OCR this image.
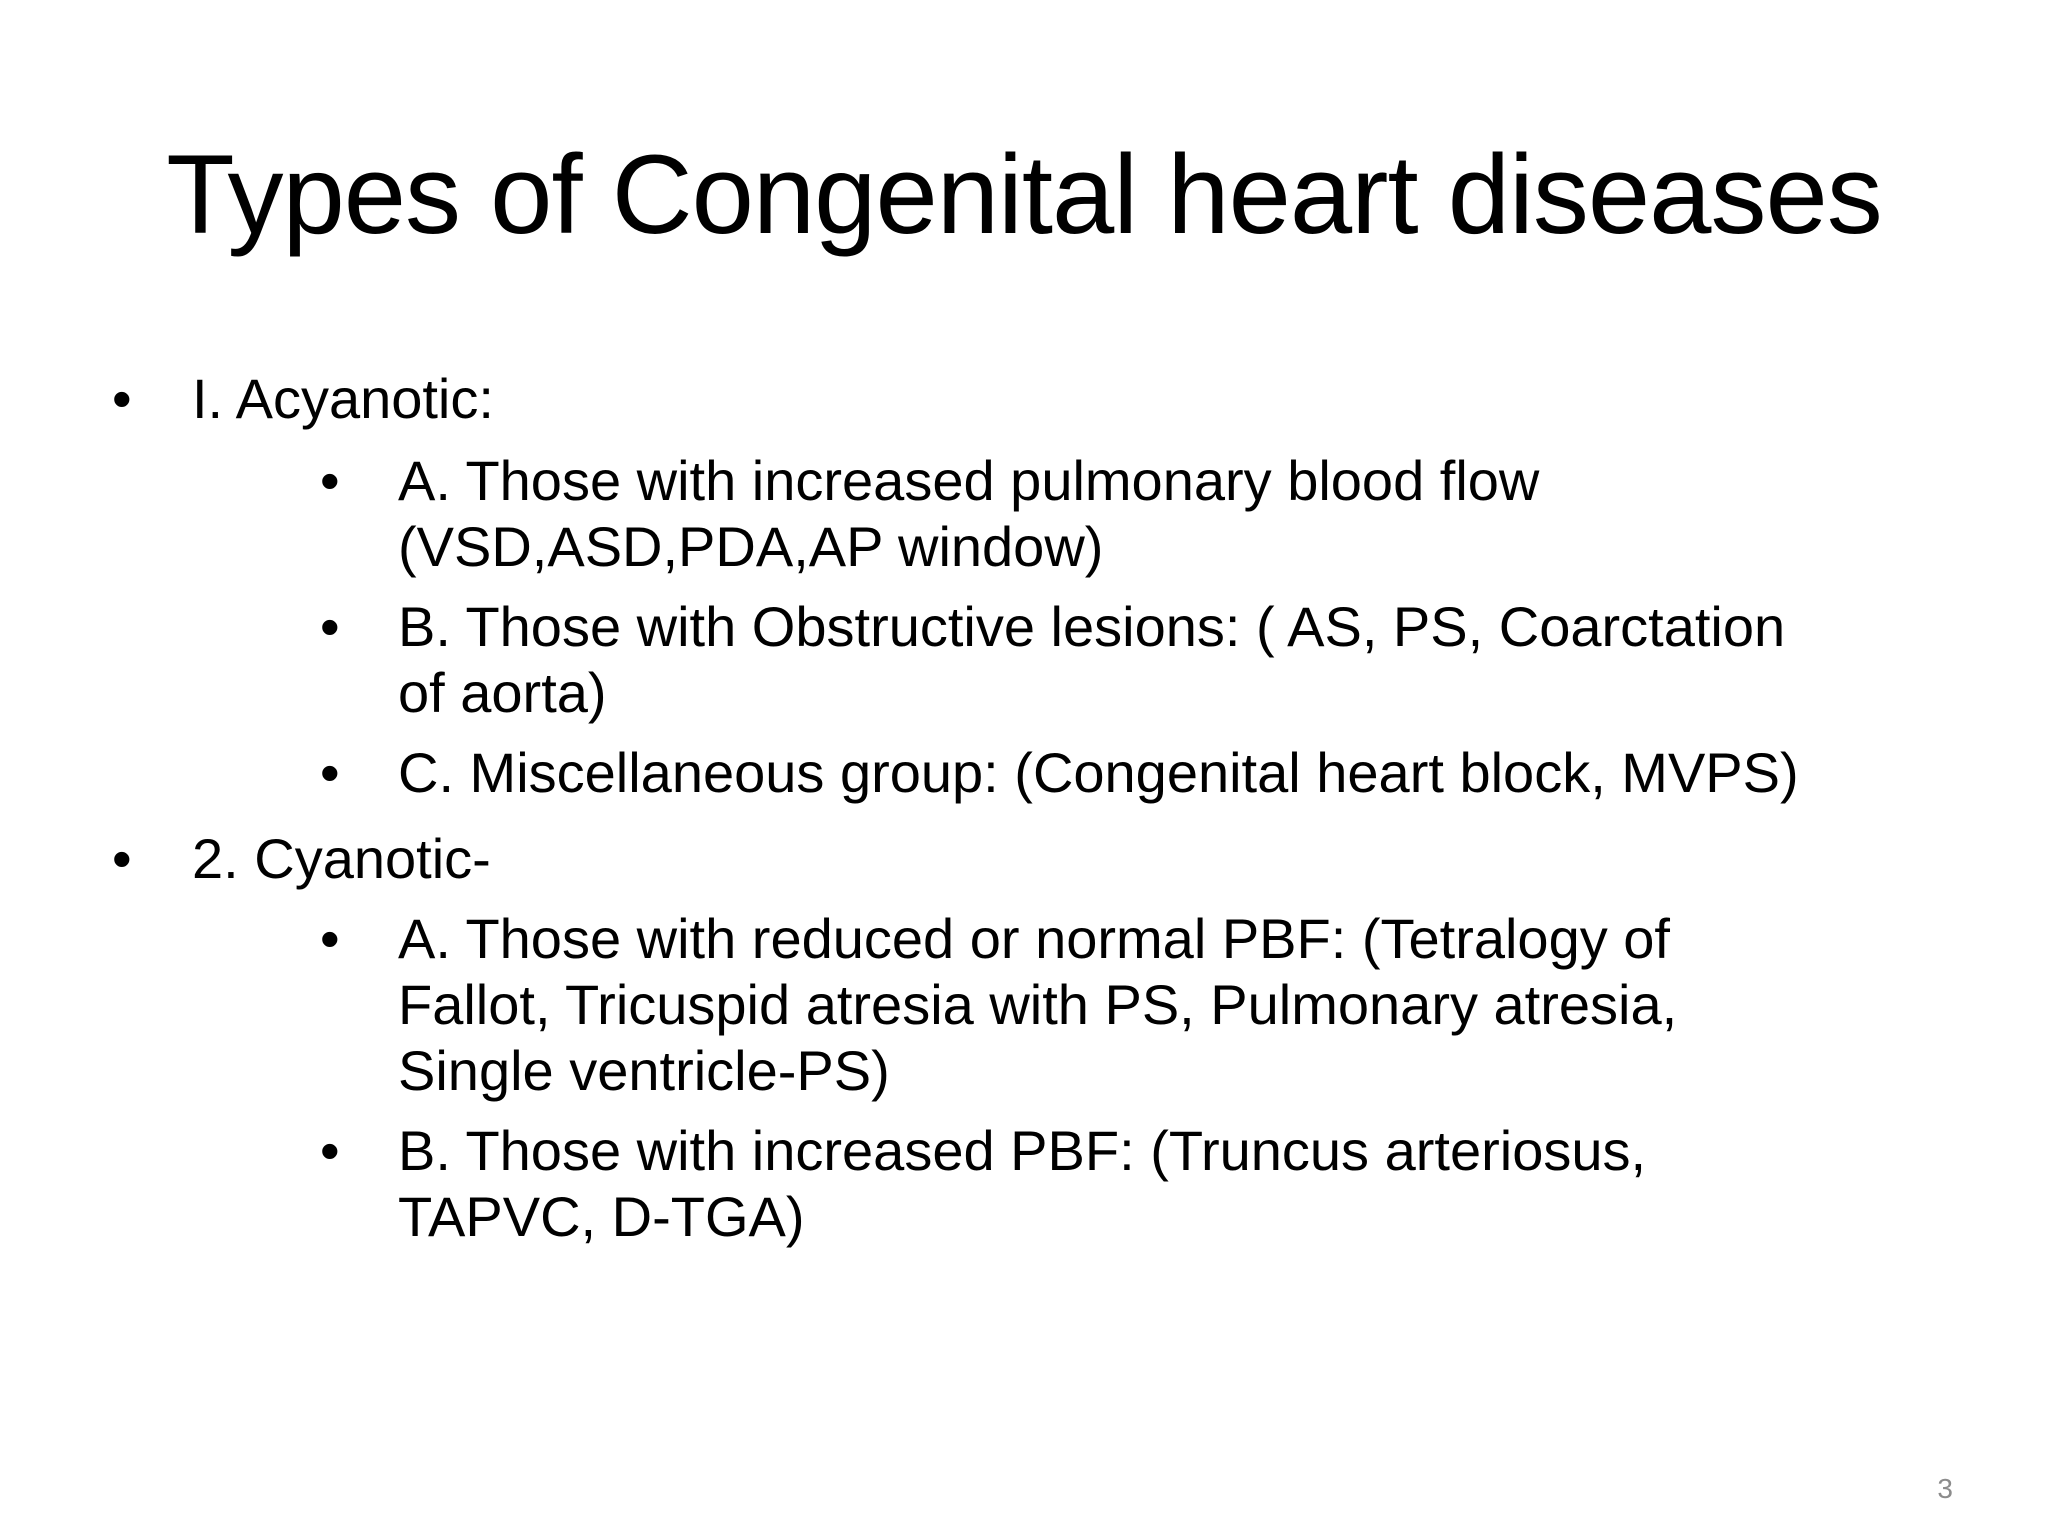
Types of Congenital heart diseases
• I. Acyanotic:
• A. Those with increased pulmonary blood flow
(VSD,ASD,PDA,AP window)
• B. Those with Obstructive lesions: ( AS, PS, Coarctation
of aorta)
• C. Miscellaneous group: (Congenital heart block, MVPS)
• 2. Cyanotic-
• A. Those with reduced or normal PBF: (Tetralogy of
Fallot, Tricuspid atresia with PS, Pulmonary atresia,
Single ventricle-PS)
• B. Those with increased PBF: (Truncus arteriosus,
TAPVC, D-TGA)
3
